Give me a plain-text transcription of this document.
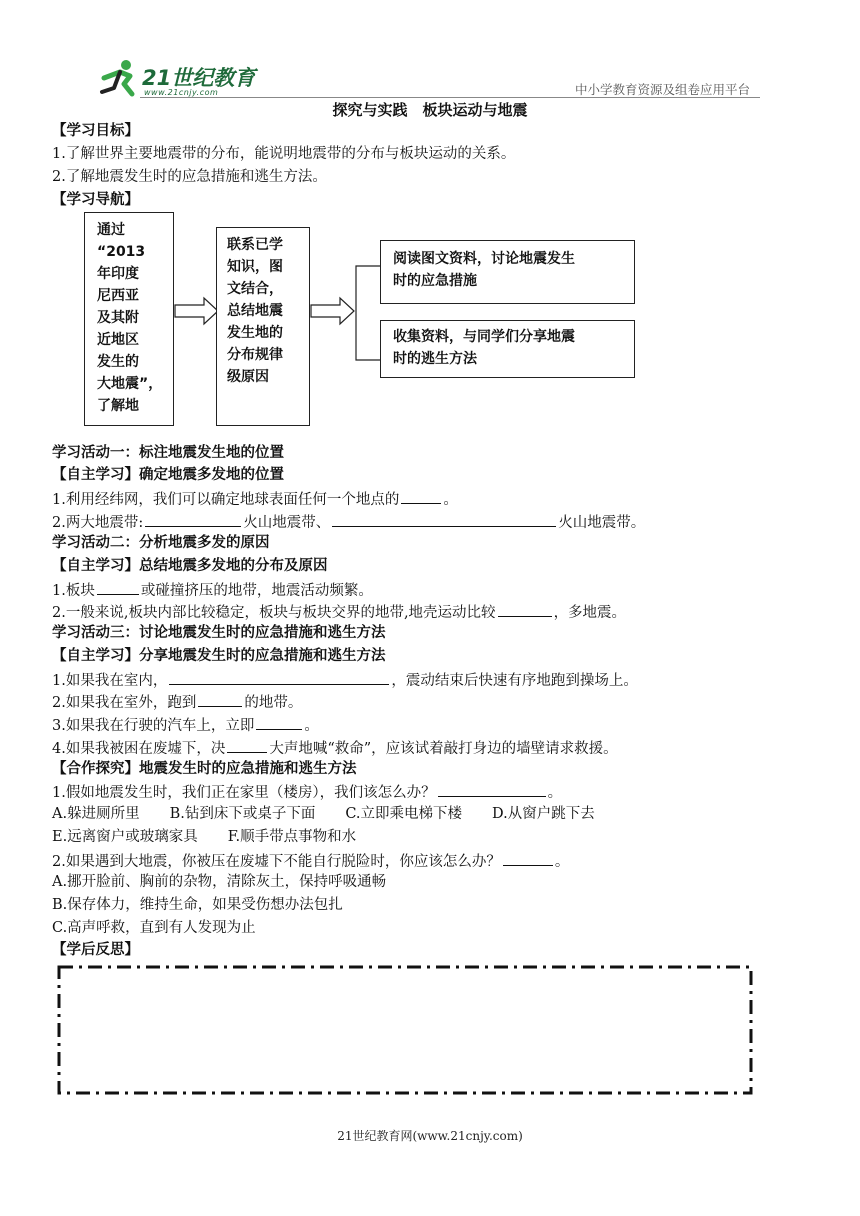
21世纪教育
www.21cnjy.com	中小学教育资源及组卷应用平台
探究与实践　板块运动与地震
【学习目标】
1.了解世界主要地震带的分布，能说明地震带的分布与板块运动的关系。
2.了解地震发生时的应急措施和逃生方法。
【学习导航】
通过
“2013
年印度
尼西亚
及其附
近地区
发生的
大地震”，
了解地
联系已学
知识，图
文结合，
总结地震
发生地的
分布规律
级原因
阅读图文资料，讨论地震发生
时的应急措施
收集资料，与同学们分享地震
时的逃生方法
学习活动一：标注地震发生地的位置
【自主学习】确定地震多发地的位置
1.利用经纬网，我们可以确定地球表面任何一个地点的	。
2.两大地震带:	火山地震带、	火山地震带。
学习活动二：分析地震多发的原因
【自主学习】总结地震多发地的分布及原因
1.板块	或碰撞挤压的地带，地震活动频繁。
2.一般来说,板块内部比较稳定，板块与板块交界的地带,地壳运动比较	，多地震。
学习活动三：讨论地震发生时的应急措施和逃生方法
【自主学习】分享地震发生时的应急措施和逃生方法
1.如果我在室内，	，震动结束后快速有序地跑到操场上。
2.如果我在室外，跑到	的地带。
3.如果我在行驶的汽车上，立即	。
4.如果我被困在废墟下，决	大声地喊“救命”，应该试着敲打身边的墙壁请求救援。
【合作探究】地震发生时的应急措施和逃生方法
1.假如地震发生时，我们正在家里（楼房），我们该怎么办？	。
A.躲进厕所里 B.钻到床下或桌子下面 C.立即乘电梯下楼 D.从窗户跳下去
E.远离窗户或玻璃家具 F.顺手带点事物和水
2.如果遇到大地震，你被压在废墟下不能自行脱险时，你应该怎么办？	。
A.挪开脸前、胸前的杂物，清除灰土，保持呼吸通畅
B.保存体力，维持生命，如果受伤想办法包扎
C.高声呼救，直到有人发现为止
【学后反思】
21世纪教育网(www.21cnjy.com)
